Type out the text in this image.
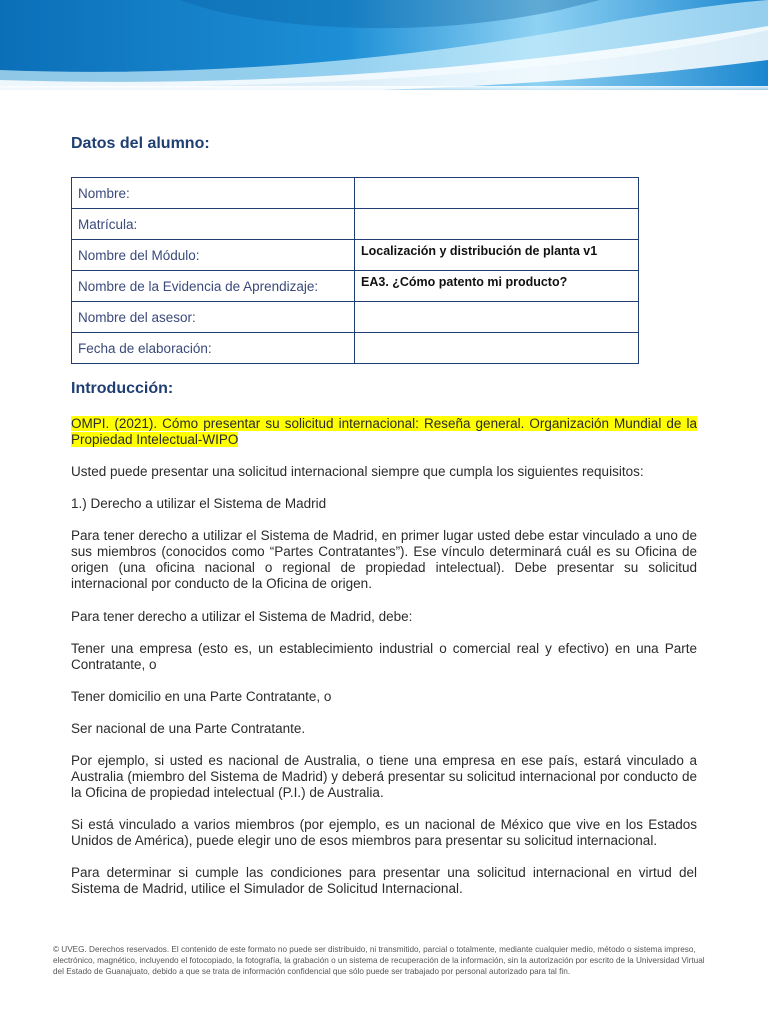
Datos del alumno:
Nombre:	
Matrícula:	
Nombre del Módulo:	Localización y distribución de planta v1
Nombre de la Evidencia de Aprendizaje:	EA3. ¿Cómo patento mi producto?
Nombre del asesor:	
Fecha de elaboración:	
Introducción:

OMPI. (2021). Cómo presentar su solicitud internacional: Reseña general. Organización Mundial de la Propiedad Intelectual-WIPO

Usted puede presentar una solicitud internacional siempre que cumpla los siguientes requisitos:

1.) Derecho a utilizar el Sistema de Madrid

Para tener derecho a utilizar el Sistema de Madrid, en primer lugar usted debe estar vinculado a uno de sus miembros (conocidos como “Partes Contratantes”). Ese vínculo determinará cuál es su Oficina de origen (una oficina nacional o regional de propiedad intelectual). Debe presentar su solicitud internacional por conducto de la Oficina de origen.

Para tener derecho a utilizar el Sistema de Madrid, debe:

Tener una empresa (esto es, un establecimiento industrial o comercial real y efectivo) en una Parte Contratante, o

Tener domicilio en una Parte Contratante, o

Ser nacional de una Parte Contratante.

Por ejemplo, si usted es nacional de Australia, o tiene una empresa en ese país, estará vinculado a Australia (miembro del Sistema de Madrid) y deberá presentar su solicitud internacional por conducto de la Oficina de propiedad intelectual (P.I.) de Australia.

Si está vinculado a varios miembros (por ejemplo, es un nacional de México que vive en los Estados Unidos de América), puede elegir uno de esos miembros para presentar su solicitud internacional.

Para determinar si cumple las condiciones para presentar una solicitud internacional en virtud del Sistema de Madrid, utilice el Simulador de Solicitud Internacional.

© UVEG. Derechos reservados. El contenido de este formato no puede ser distribuido, ni transmitido, parcial o totalmente, mediante cualquier medio, método o sistema impreso, electrónico, magnético, incluyendo el fotocopiado, la fotografía, la grabación o un sistema de recuperación de la información, sin la autorización por escrito de la Universidad Virtual del Estado de Guanajuato, debido a que se trata de información confidencial que sólo puede ser trabajado por personal autorizado para tal fin.
